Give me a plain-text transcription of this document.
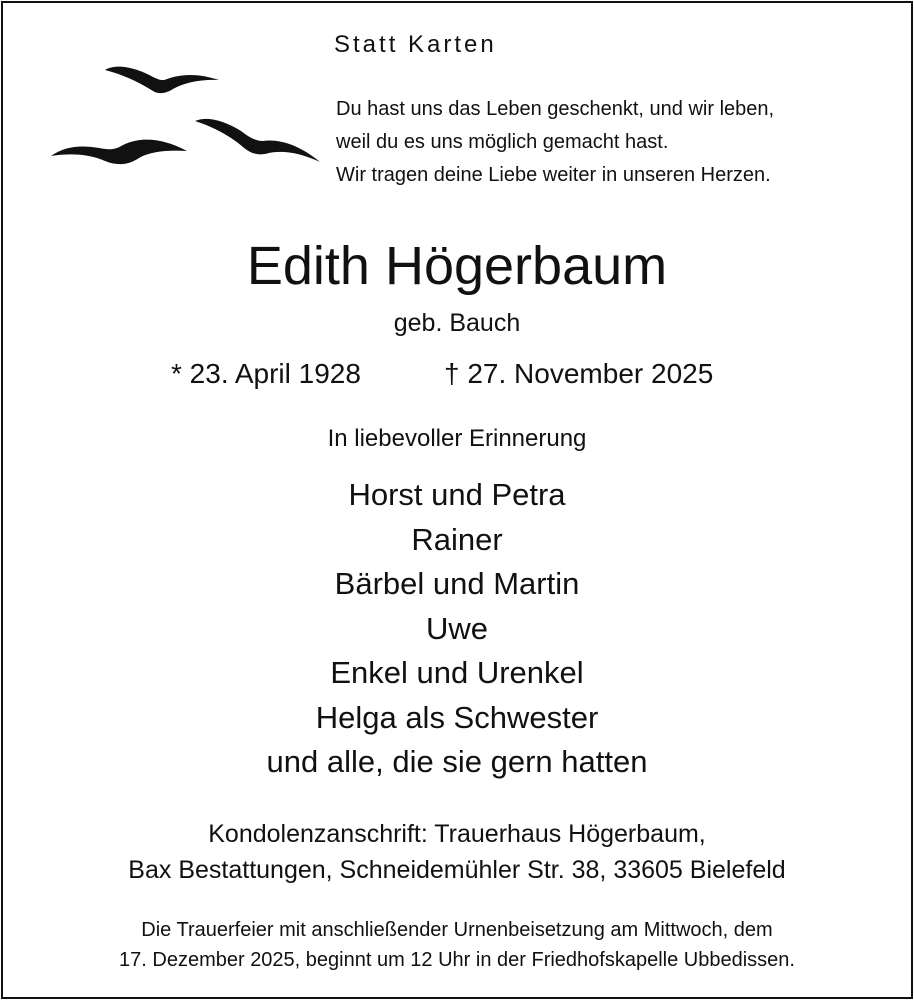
Statt Karten
Du hast uns das Leben geschenkt, und wir leben,
weil du es uns möglich gemacht hast.
Wir tragen deine Liebe weiter in unseren Herzen.
Edith Högerbaum
geb. Bauch
* 23. April 1928	† 27. November 2025
In liebevoller Erinnerung
Horst und Petra
Rainer
Bärbel und Martin
Uwe
Enkel und Urenkel
Helga als Schwester
und alle, die sie gern hatten
Kondolenzanschrift: Trauerhaus Högerbaum,
Bax Bestattungen, Schneidemühler Str. 38, 33605 Bielefeld
Die Trauerfeier mit anschließender Urnenbeisetzung am Mittwoch, dem
17. Dezember 2025, beginnt um 12 Uhr in der Friedhofskapelle Ubbedissen.
